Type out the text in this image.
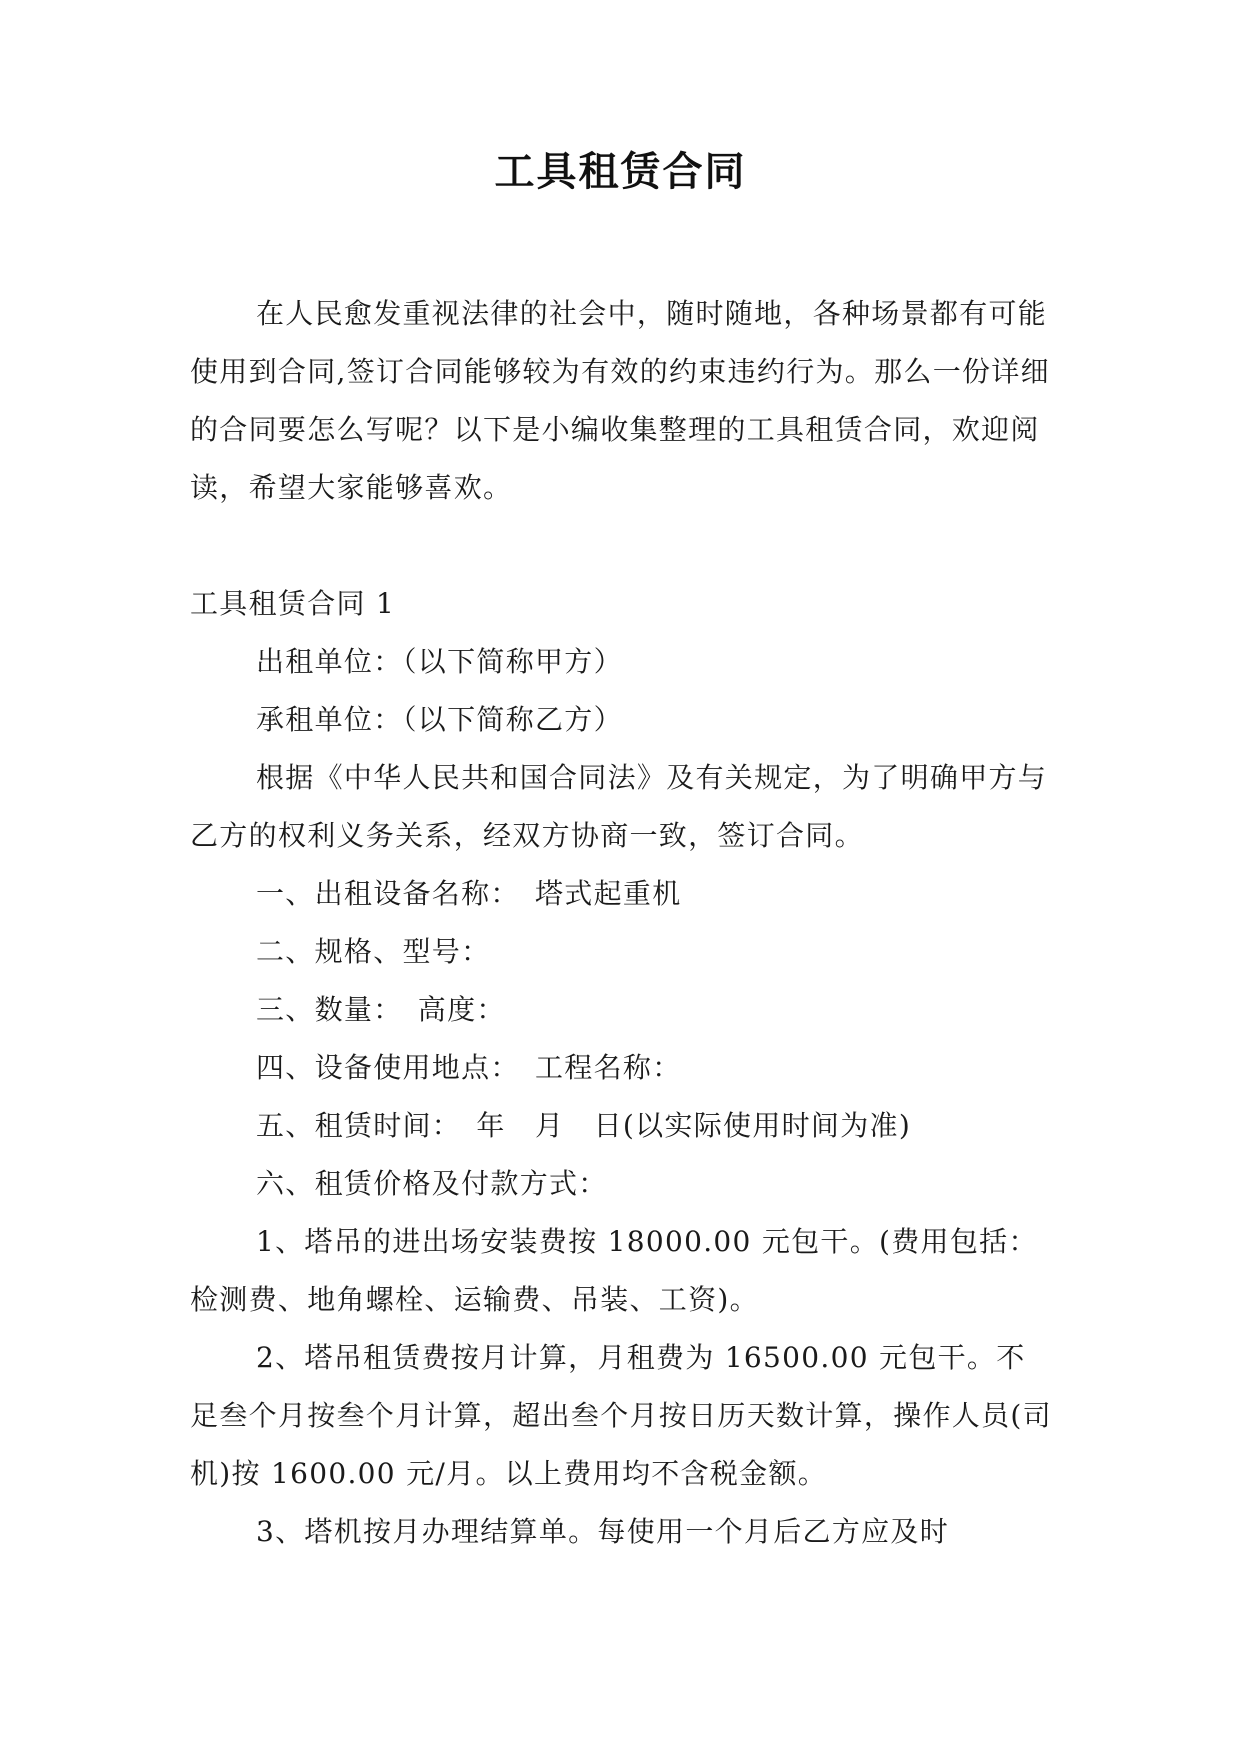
工具租赁合同

在人民愈发重视法律的社会中，随时随地，各种场景都有可能使用到合同,签订合同能够较为有效的约束违约行为。那么一份详细的合同要怎么写呢？以下是小编收集整理的工具租赁合同，欢迎阅读，希望大家能够喜欢。

工具租赁合同 1

出租单位：（以下简称甲方）

承租单位：（以下简称乙方）

根据《中华人民共和国合同法》及有关规定，为了明确甲方与乙方的权利义务关系，经双方协商一致，签订合同。

一、出租设备名称：　塔式起重机

二、规格、型号：

三、数量：　高度：

四、设备使用地点：　工程名称：

五、租赁时间：　年　月　日(以实际使用时间为准)

六、租赁价格及付款方式：

1、塔吊的进出场安装费按 18000.00 元包干。(费用包括：检测费、地角螺栓、运输费、吊装、工资)。

2、塔吊租赁费按月计算，月租费为 16500.00 元包干。不足叁个月按叁个月计算，超出叁个月按日历天数计算，操作人员(司机)按 1600.00 元/月。以上费用均不含税金额。

3、塔机按月办理结算单。每使用一个月后乙方应及时
